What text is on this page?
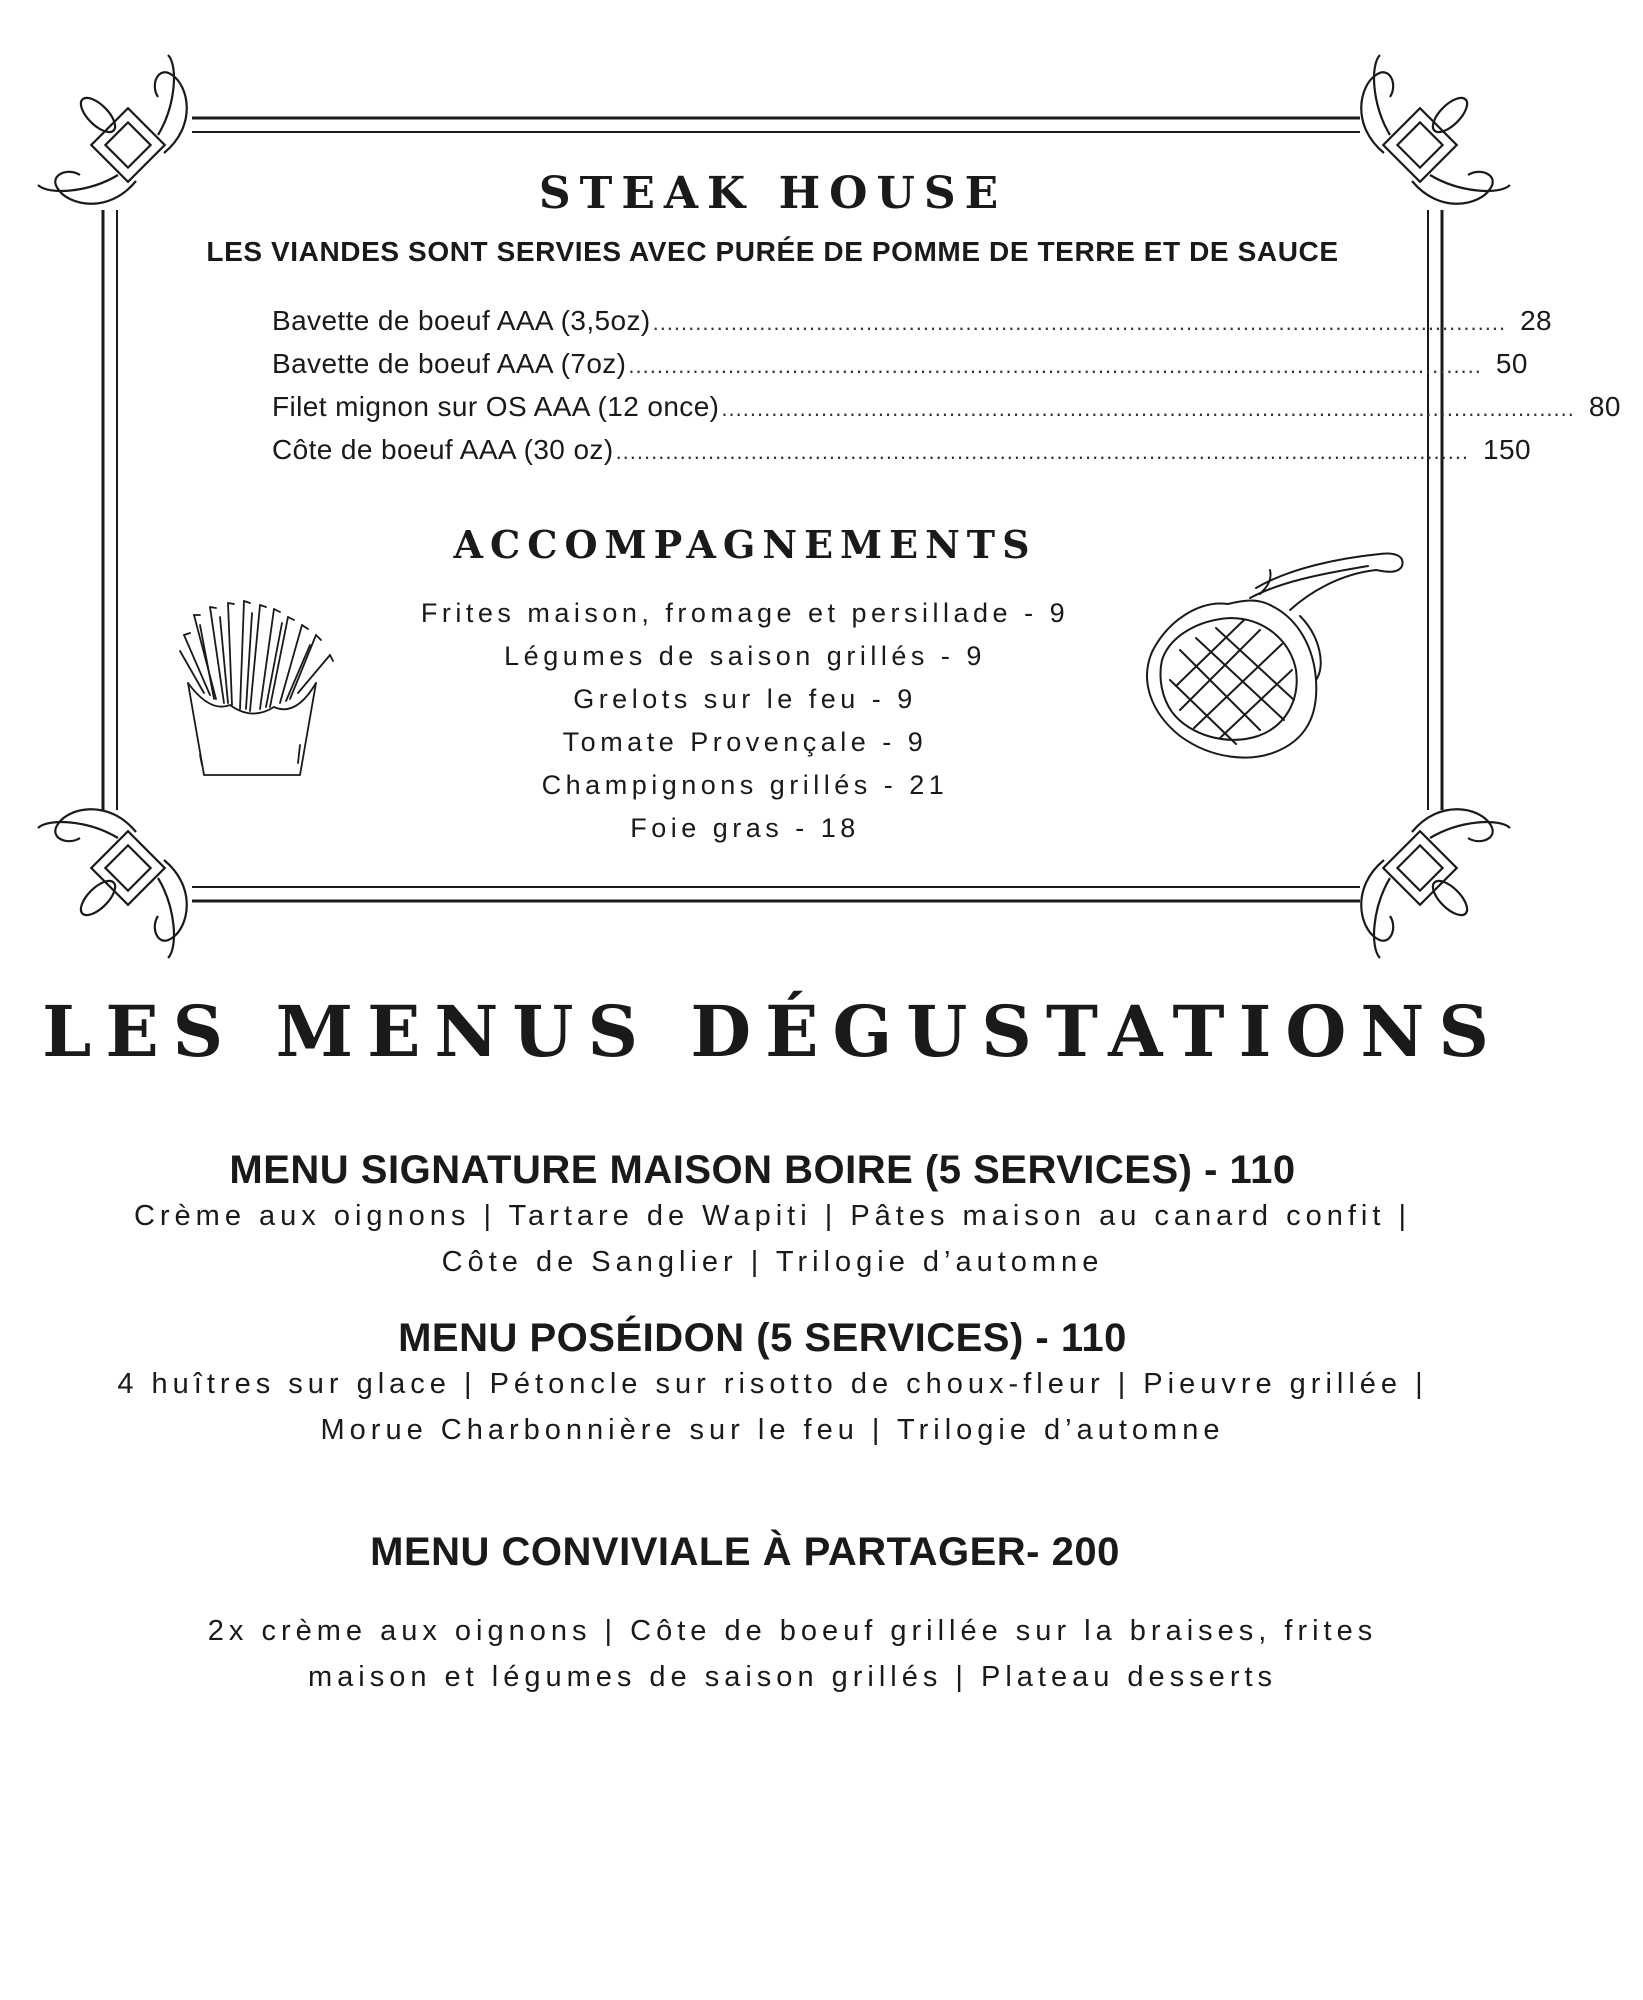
STEAK HOUSE
LES VIANDES SONT SERVIES AVEC PURÉE DE POMME DE TERRE ET DE SAUCE
Bavette de boeuf AAA (3,5oz) ........................................................................................................................ 28
Bavette de boeuf AAA (7oz) ........................................................................................................................ 50
Filet mignon sur OS AAA (12 once) ........................................................................................................................ 80
Côte de boeuf AAA (30 oz) ........................................................................................................................ 150
ACCOMPAGNEMENTS
Frites maison, fromage et persillade - 9
Légumes de saison grillés - 9
Grelots sur le feu - 9
Tomate Provençale - 9
Champignons grillés - 21
Foie gras - 18
LES MENUS DÉGUSTATIONS
MENU SIGNATURE MAISON BOIRE (5 SERVICES) - 110
Crème aux oignons | Tartare de Wapiti | Pâtes maison au canard confit | Côte de Sanglier | Trilogie d’automne
MENU POSÉIDON (5 SERVICES) - 110
4 huîtres sur glace | Pétoncle sur risotto de choux-fleur | Pieuvre grillée | Morue Charbonnière sur le feu | Trilogie d’automne
MENU CONVIVIALE À PARTAGER- 200
2x crème aux oignons | Côte de boeuf grillée sur la braises, frites maison et légumes de saison grillés | Plateau desserts
